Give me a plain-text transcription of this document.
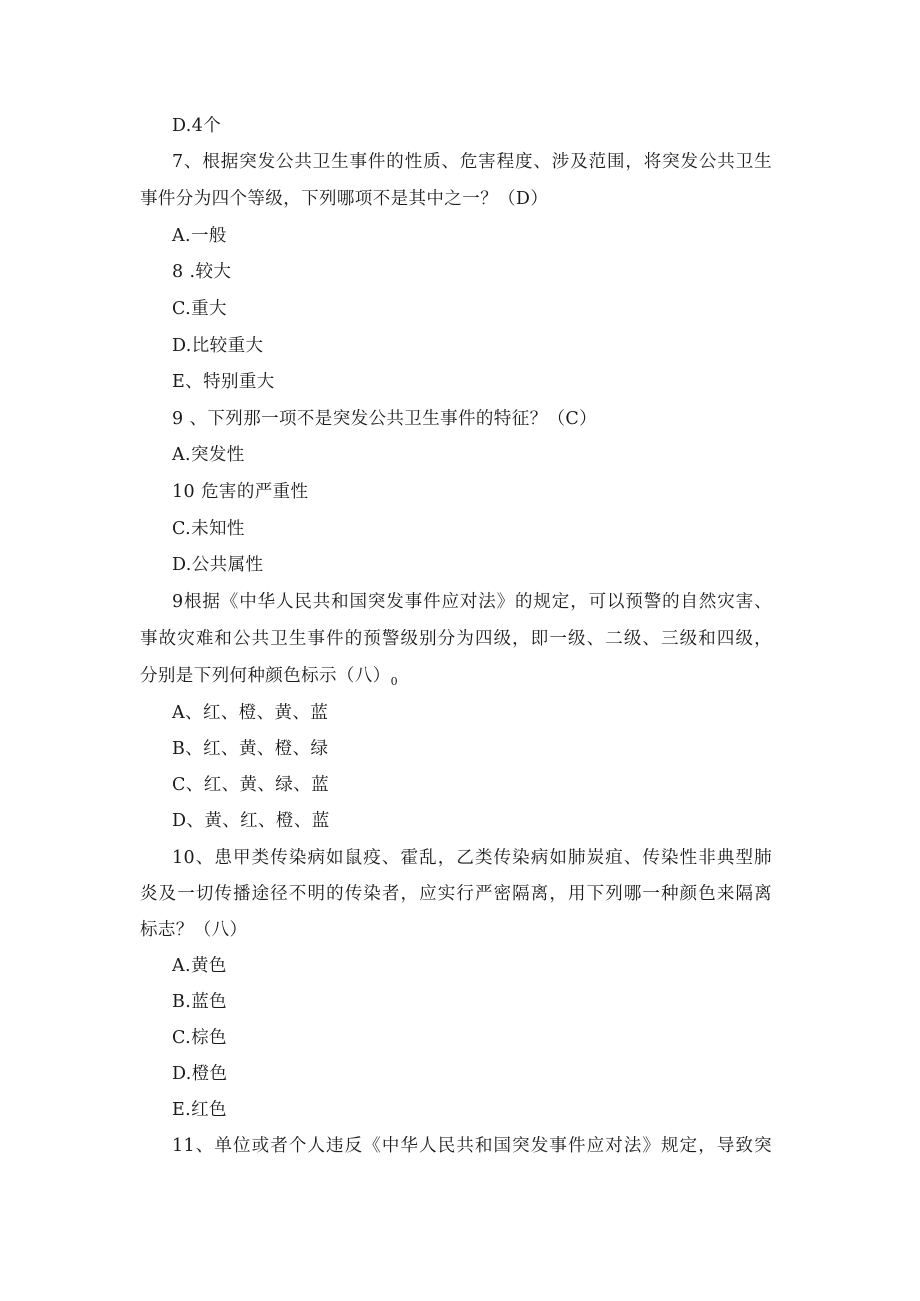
D.4个
7、根据突发公共卫生事件的性质、危害程度、涉及范围，将突发公共卫生
事件分为四个等级，下列哪项不是其中之一？（D）
A.一般
8 .较大
C.重大
D.比较重大
E、特别重大
9 、下列那一项不是突发公共卫生事件的特征？（C）
A.突发性
10 危害的严重性
C.未知性
D.公共属性
9根据《中华人民共和国突发事件应对法》的规定，可以预警的自然灾害、
事故灾难和公共卫生事件的预警级别分为四级，即一级、二级、三级和四级，
分别是下列何种颜色标示（八）$_0$
A、红、橙、黄、蓝
B、红、黄、橙、绿
C、红、黄、绿、蓝
D、黄、红、橙、蓝
10、患甲类传染病如鼠疫、霍乱，乙类传染病如肺炭疽、传染性非典型肺
炎及一切传播途径不明的传染者，应实行严密隔离，用下列哪一种颜色来隔离
标志？（八）
A.黄色
B.蓝色
C.棕色
D.橙色
E.红色
11、单位或者个人违反《中华人民共和国突发事件应对法》规定，导致突
